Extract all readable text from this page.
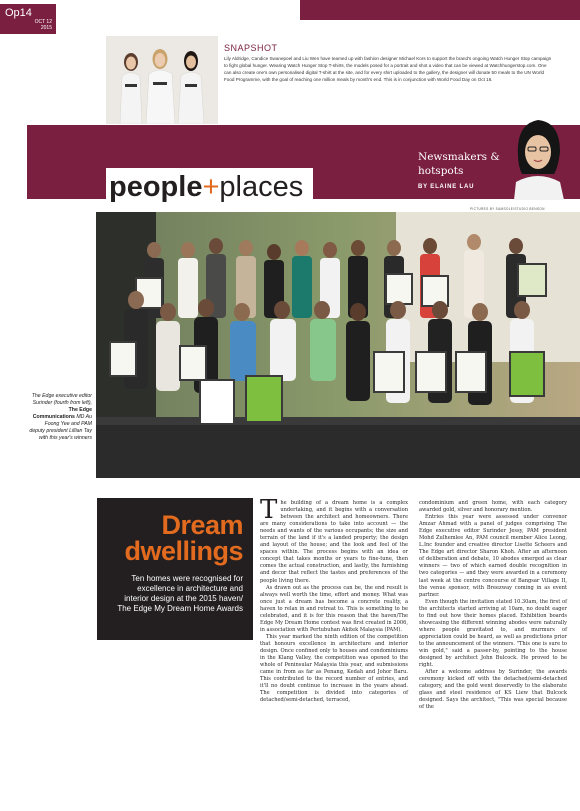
Op14
OCT 12
2015
SNAPSHOT
Lily Aldridge, Candice Swanepoel and Liu Wen have teamed up with fashion designer Michael Kors to support the brand's ongoing Watch Hunger Stop campaign to fight global hunger. Wearing Watch Hunger Stop T-shirts, the models posed for a portrait and shot a video that can be viewed at Watchhungerstop.com. One can also create one's own personalised digital T-shirt at the site, and for every shirt uploaded to the gallery, the designer will donate 50 meals to the UN World Food Programme, with the goal of reaching one million meals by month's end. This is in conjunction with World Food Day on Oct 16.
Newsmakers & hotspots
BY ELAINE LAU
people+places
PICTURES BY SAMSOLE/STUDIO BENSON
The Edge executive editor Surinder (fourth from left), The Edge Communications MD Au Foong Yee and PAM deputy president Lillian Tay with this year's winners
Dream
dwellings
Ten homes were recognised for
excellence in architecture and
interior design at the 2015 haven/
The Edge My Dream Home Awards

The building of a dream home is a complex undertaking, and it begins with a conversation between the architect and homeowners. There are many considerations to take into account — the needs and wants of the various occupants; the size and terrain of the land if it's a landed property; the design and layout of the house; and the look and feel of the spaces within. The process begins with an idea or concept that takes months or years to fine-tune, then comes the actual construction, and lastly, the furnishing and decor that reflect the tastes and preferences of the people living there.

As drawn out as the process can be, the end result is always well worth the time, effort and money. What was once just a dream has become a concrete reality, a haven to relax in and retreat to. This is something to be celebrated, and it is for this reason that the haven/The Edge My Dream Home contest was first created in 2006, in association with Pertubuhan Akitek Malaysia (PAM).

This year marked the ninth edition of the competition that honours excellence in architecture and interior design. Once confined only to houses and condominiums in the Klang Valley, the competition was opened to the whole of Peninsular Malaysia this year, and submissions came in from as far as Penang, Kedah and Johor Baru. This contributed to the record number of entries, and it'll no doubt continue to increase in the years ahead. The competition is divided into categories of detached/semi-detached, terraced,

condominium and green home, with each category awarded gold, silver and honorary mention.

Entries this year were assessed under convenor Amzar Ahmad with a panel of judges comprising The Edge executive editor Surinder Jessy, PAM president Mohd Zulhemlee An, PAM council member Alice Leong, L.Inc founder and creative director Lisette Scheers and The Edge art director Sharon Khoh. After an afternoon of deliberation and debate, 10 abodes emerged as clear winners — two of which earned double recognition in two categories — and they were awarded in a ceremony last week at the centre concourse of Bangsar Village II, the venue sponsor, with Breezway coming in as event partner.

Even though the invitation stated 10.30am, the first of the architects started arriving at 10am, no doubt eager to find out how their homes placed. Exhibition boards showcasing the different winning abodes were naturally where people gravitated to, and murmurs of appreciation could be heard, as well as predictions prior to the announcement of the winners. "This one is sure to win gold," said a passer-by, pointing to the house designed by architect John Bulcock. He proved to be right.

After a welcome address by Surinder, the awards ceremony kicked off with the detached/semi-detached category, and the gold went deservedly to the elaborate glass and steel residence of KS Liew that Bulcock designed. Says the architect, "This was special because of the
